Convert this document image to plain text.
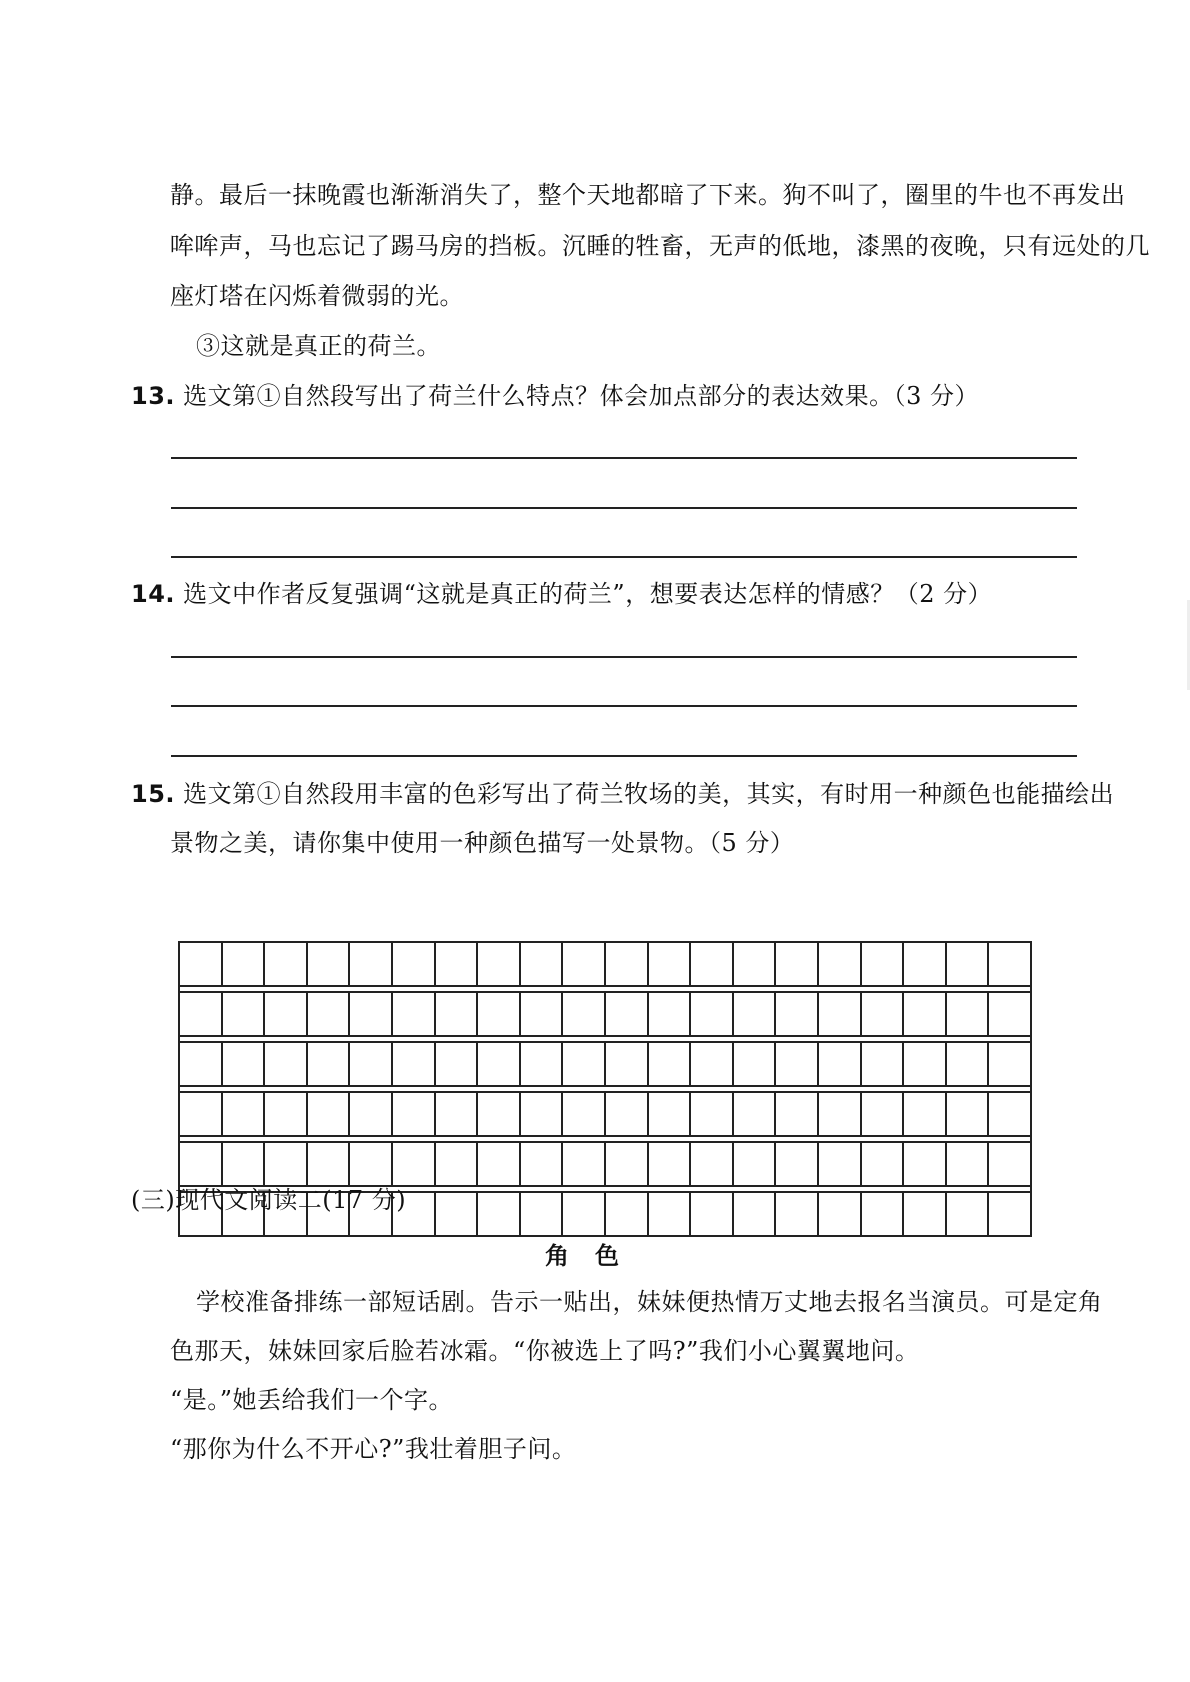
静。最后一抹晚霞也渐渐消失了，整个天地都暗了下来。狗不叫了，圈里的牛也不再发出
哞哞声，马也忘记了踢马房的挡板。沉睡的牲畜，无声的低地，漆黑的夜晚，只有远处的几
座灯塔在闪烁着微弱的光。
③这就是真正的荷兰。
13. 选文第①自然段写出了荷兰什么特点？体会加点部分的表达效果。（3 分）
14. 选文中作者反复强调“这就是真正的荷兰”，想要表达怎样的情感？（2 分）
15. 选文第①自然段用丰富的色彩写出了荷兰牧场的美，其实，有时用一种颜色也能描绘出
景物之美，请你集中使用一种颜色描写一处景物。（5 分）
(三)现代文阅读二(17 分)
角色
学校准备排练一部短话剧。告示一贴出，妹妹便热情万丈地去报名当演员。可是定角
色那天，妹妹回家后脸若冰霜。“你被选上了吗?”我们小心翼翼地问。
“是。”她丢给我们一个字。
“那你为什么不开心?”我壮着胆子问。
